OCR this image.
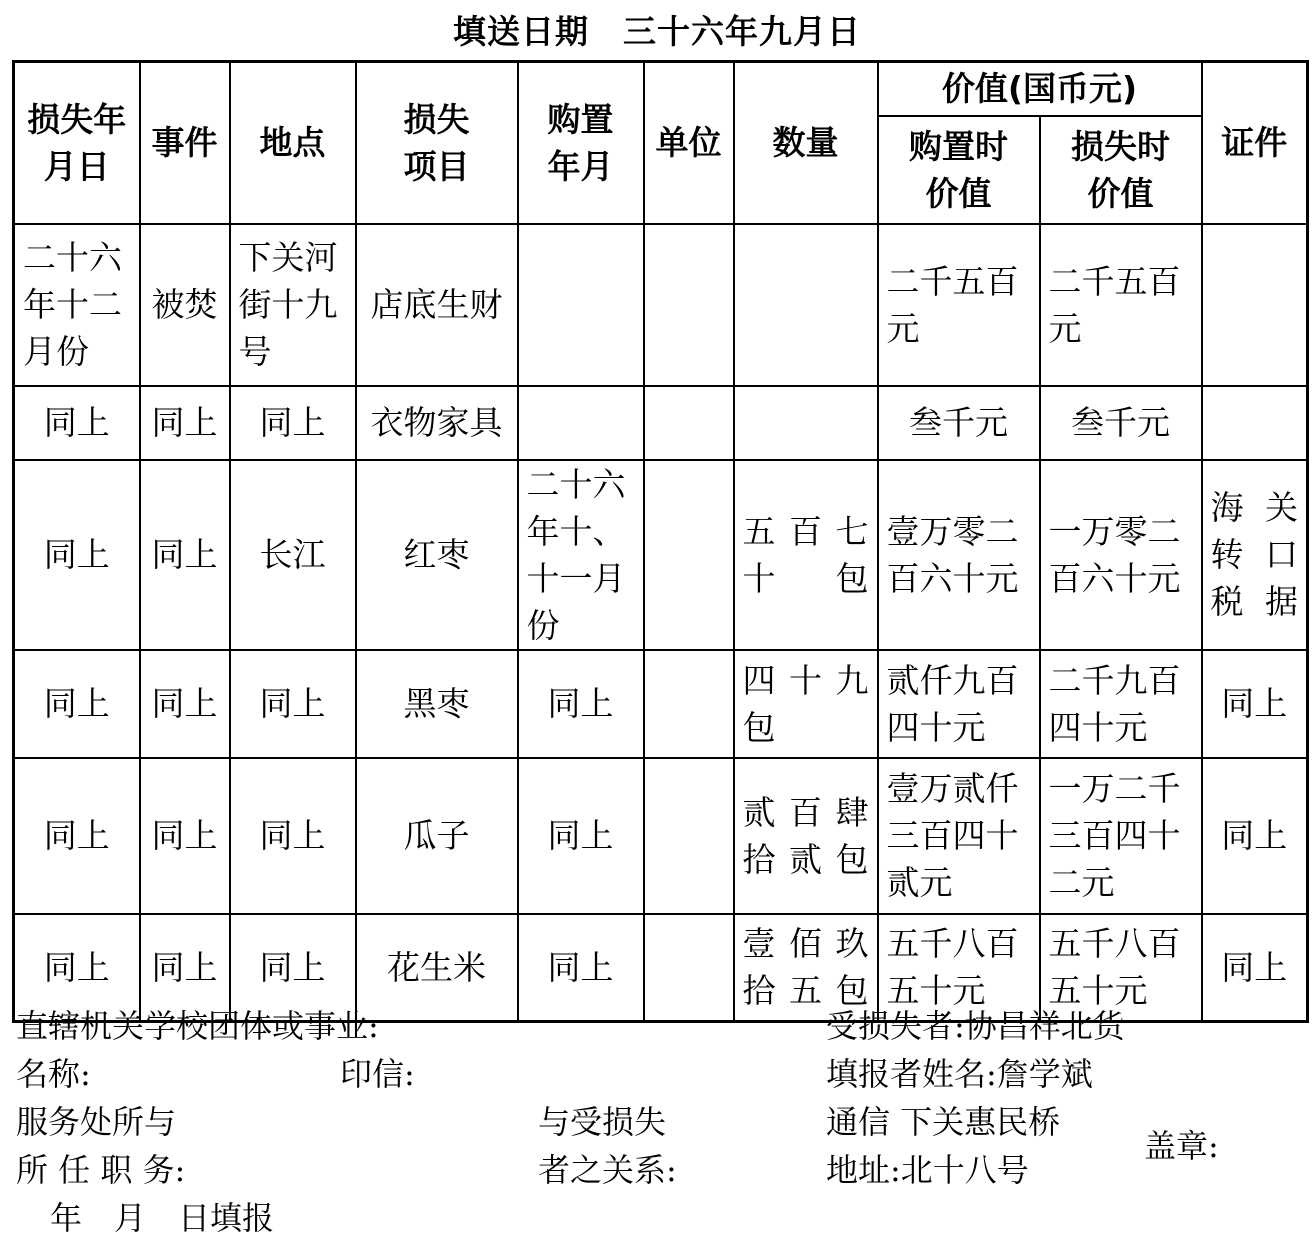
填送日期　三十六年九月日
损失年月日	事件	地点	损失项目	购置年月	单位	数量	价值(国币元)		证件
							购置时价值	损失时价值	
二十六年十二月份	被焚	下关河街十九号	店底生财				二千五百元	二千五百元	
同上	同上	同上	衣物家具				叁千元	叁千元	
同上	同上	长江	红枣	二十六年十、十一月份		五百七十包	壹万零二百六十元	一万零二百六十元	海关转口税据
同上	同上	同上	黑枣	同上		四十九包	贰仟九百四十元	二千九百四十元	同上
同上	同上	同上	瓜子	同上		贰百肆拾贰包	壹万贰仟三百四十贰元	一万二千三百四十二元	同上
同上	同上	同上	花生米	同上		壹佰玖拾五包	五千八百五十元	五千八百五十元	同上
直辖机关学校团体或事业:
名称:	印信:
服务处所与
所 任 职 务:
年　月　日填报
与受损失
者之关系:
受损失者:协昌祥北货
填报者姓名:詹学斌
通信 下关惠民桥
地址:北十八号
盖章:
